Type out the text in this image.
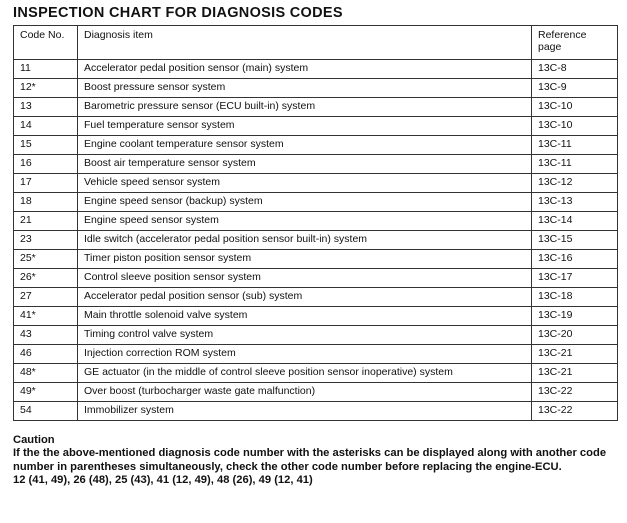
INSPECTION CHART FOR DIAGNOSIS CODES
Code No.	Diagnosis item	Reference page
11	Accelerator pedal position sensor (main) system	13C-8
12*	Boost pressure sensor system	13C-9
13	Barometric pressure sensor (ECU built-in) system	13C-10
14	Fuel temperature sensor system	13C-10
15	Engine coolant temperature sensor system	13C-11
16	Boost air temperature sensor system	13C-11
17	Vehicle speed sensor system	13C-12
18	Engine speed sensor (backup) system	13C-13
21	Engine speed sensor system	13C-14
23	Idle switch (accelerator pedal position sensor built-in) system	13C-15
25*	Timer piston position sensor system	13C-16
26*	Control sleeve position sensor system	13C-17
27	Accelerator pedal position sensor (sub) system	13C-18
41*	Main throttle solenoid valve system	13C-19
43	Timing control valve system	13C-20
46	Injection correction ROM system	13C-21
48*	GE actuator (in the middle of control sleeve position sensor inoperative) system	13C-21
49*	Over boost (turbocharger waste gate malfunction)	13C-22
54	Immobilizer system	13C-22

Caution

If the the above-mentioned diagnosis code number with the asterisks can be displayed along with another code number in parentheses simultaneously, check the other code number before replacing the engine-ECU.

12 (41, 49), 26 (48), 25 (43), 41 (12, 49), 48 (26), 49 (12, 41)
